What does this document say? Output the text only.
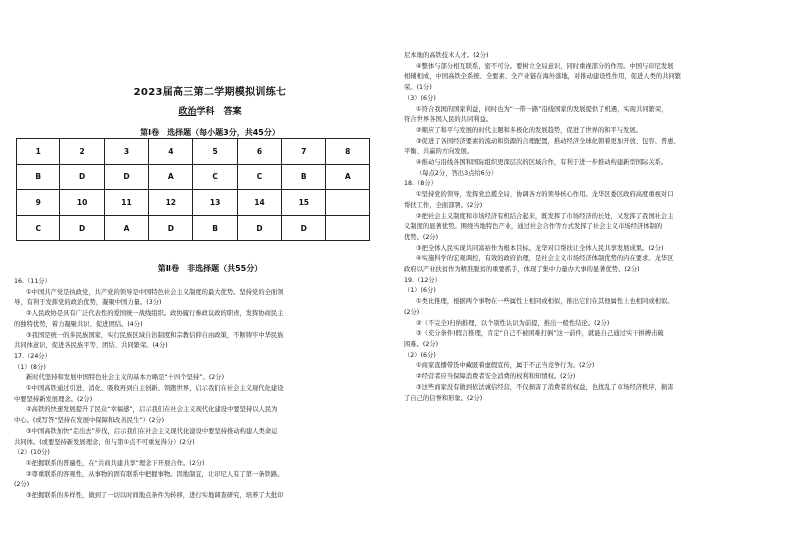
2023届高三第二学期模拟训练七
政治学科　答案
第Ⅰ卷　选择题（每小题3分，共45分）
1	2	3	4	5	6	7	8
B	D	D	A	C	C	B	A
9	10	11	12	13	14	15	
C	D	A	D	B	D	D	
第Ⅱ卷　非选择题（共55分）
16.（11分）
①中国共产党是执政党，共产党的领导是中国特色社会主义制度的最大优势。坚持党的全面领
导，有利于发挥党的政治优势，凝聚中国力量。(3分)
②人民政协是具有广泛代表性的爱国统一战线组织。政协履行参政议政的职责，发挥协商民主
的独特优势，着力凝聚共识、促进团结。(4分)
③我国是统一的多民族国家，实行民族区域自治制度和宗教信仰自由政策，不断铸牢中华民族
共同体意识，促进各民族平等、团结、共同繁荣。(4分)
17.（24分）
（1）(8分)
新时代坚持和发展中国特色社会主义的基本方略是“十四个坚持”。(2分)
①中国高铁通过引进、消化、吸收再到自主创新、领跑世界，启示我们在社会主义现代化建设
中要坚持新发展理念。(2分)
②高铁的快速发展提升了民众“幸福感”，启示我们在社会主义现代化建设中要坚持以人民为
中心。(或写答“坚持在发展中保障和改善民生”）(2分)
③中国高铁加快“走出去”步伐，启示我们在社会主义现代化建设中要坚持推动构建人类命运
共同体。(或要坚持新发展理念，但与第①点不可重复得分）(2分)
（2）(10分)
①把握联系的普遍性，在“共商共建共享”理念下开展合作。(2分)
②尊重联系的客观性，从事物的固有联系中把握事物。因地制宜，让印尼人有了第一条铁路。
(2分)
③把握联系的多样性，做到了一切以时间地点条件为转移，进行实地调查研究，培养了大批印
尼本地的高铁技术人才。(2分)
④整体与部分相互联系，密不可分。要树立全局意识，同时重视部分的作用。中国与印尼发展
相辅相成，中国高铁全系统、全要素、全产业链在海外落地，对推动建设性作用，促进人类的共同繁
荣。(1分)
（3）(6分)
①符合我国的国家利益，同时也为“一带一路”沿线国家的发展提供了机遇，实现共同繁荣，
符合世界各国人民的共同利益。
②顺应了和平与发展的时代主题和多极化的发展趋势，促进了世界的和平与发展。
③促进了各国经济要素的流动和资源的合理配置，推动经济全球化朝着更加开放、包容、普惠、
平衡、共赢的方向发展。
④推动与沿线各国和国际组织更深层次的区域合作，有利于进一步推动构建新型国际关系。
（每点2分，答出3点给6分）
18.（8分）
①坚持党的领导，发挥党总揽全局、协调各方的领导核心作用。龙华区委区政府高度重视对口
帮扶工作，全面部署。(2分)
②把社会主义制度和市场经济有机结合起来，既发挥了市场经济的长处，又发挥了我国社会主
义制度的显著优势。围绕当地特色产业，通过社会合作等方式发挥了社会主义市场经济体制的
优势。(2分)
③把全体人民实现共同富裕作为根本目标。龙华对口帮扶让全体人民共享发展成果。(2分)
④实施科学的宏观调控，有效的政府治理，是社会主义市场经济体制优势的内在要求。龙华区
政府以产业扶贫作为精准脱贫的重要抓手，体现了集中力量办大事的显著优势。(2分)
19.（12分）
（1）(6分)
①类比推理，根据两个事物在一些属性上相同或相似，推出它们在其他属性上也相同或相似。
(2分)
②（不完全)归纳推理，以个别性认识为前提，推出一般性结论。(2分)
③（充分条件)假言推理，肯定“自己不被困难打倒”这一前件，就能自己通过实干拼搏击破
困难。(2分)
（2）(6分)
①商家直播带货中藏匿着虚假宣传，属于不正当竞争行为。(2分)
②经营者应当保障消费者安全消费的权利和知情权。(2分)
③这些商家没有做到依法诚信经营，不仅损害了消费者的权益，也扰乱了市场经济秩序，损害
了自己的信誉和形象。(2分)
